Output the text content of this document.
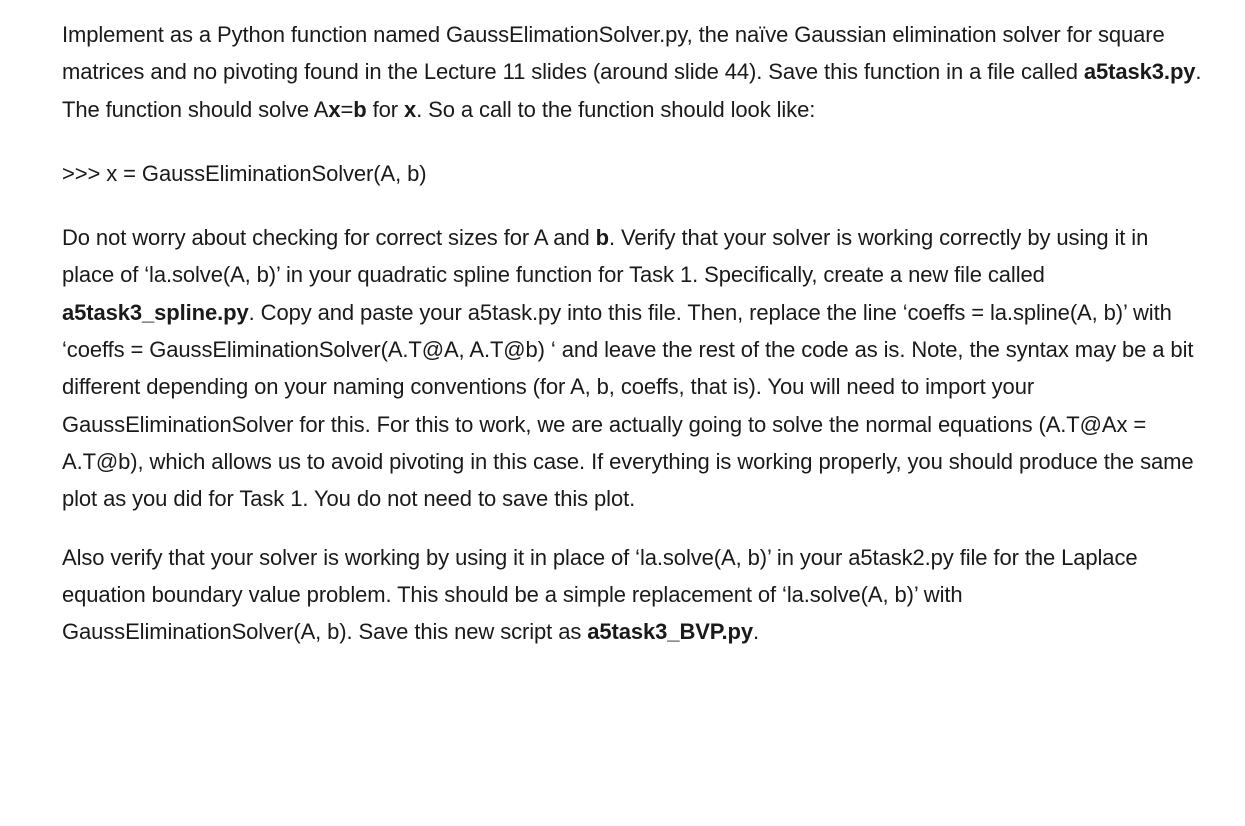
Implement as a Python function named GaussElimationSolver.py, the naïve Gaussian elimination solver for square matrices and no pivoting found in the Lecture 11 slides (around slide 44). Save this function in a file called a5task3.py. The function should solve Ax=b for x. So a call to the function should look like:

>>> x = GaussEliminationSolver(A, b)

Do not worry about checking for correct sizes for A and b. Verify that your solver is working correctly by using it in place of ‘la.solve(A, b)’ in your quadratic spline function for Task 1. Specifically, create a new file called a5task3_spline.py. Copy and paste your a5task.py into this file. Then, replace the line ‘coeffs = la.spline(A, b)’ with ‘coeffs = GaussEliminationSolver(A.T@A, A.T@b) ‘ and leave the rest of the code as is. Note, the syntax may be a bit different depending on your naming conventions (for A, b, coeffs, that is). You will need to import your GaussEliminationSolver for this. For this to work, we are actually going to solve the normal equations (A.T@Ax = A.T@b), which allows us to avoid pivoting in this case. If everything is working properly, you should produce the same plot as you did for Task 1. You do not need to save this plot.

Also verify that your solver is working by using it in place of ‘la.solve(A, b)’ in your a5task2.py file for the Laplace equation boundary value problem. This should be a simple replacement of ‘la.solve(A, b)’ with GaussEliminationSolver(A, b). Save this new script as a5task3_BVP.py.
